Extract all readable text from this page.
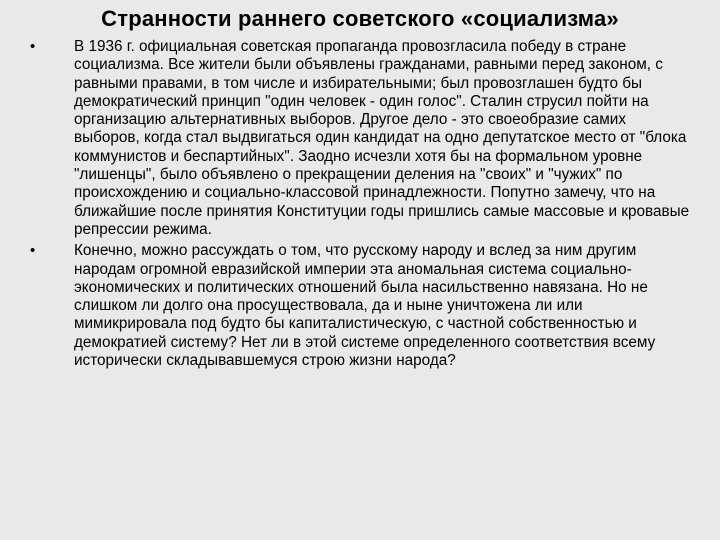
Странности раннего советского «социализма»
•	В 1936 г. официальная советская пропаганда провозгласила победу в стране социализма. Все жители были объявлены гражданами, равными перед законом, с равными правами, в том числе и избирательными; был провозглашен будто бы демократический принцип "один человек - один голос". Сталин струсил пойти на организацию альтернативных выборов. Другое дело - это своеобразие самих выборов, когда стал выдвигаться один кандидат на одно депутатское место от "блока коммунистов и беспартийных". Заодно исчезли хотя бы на формальном уровне "лишенцы", было объявлено о прекращении деления на "своих" и "чужих" по происхождению и социально-классовой принадлежности. Попутно замечу, что на ближайшие после принятия Конституции годы пришлись самые массовые и кровавые репрессии режима.
•	Конечно, можно рассуждать о том, что русскому народу и вслед за ним другим народам огромной евразийской империи эта аномальная система социально-экономических и политических отношений была насильственно навязана. Но не слишком ли долго она просуществовала, да и ныне уничтожена ли или мимикрировала под будто бы капиталистическую, с частной собственностью и демократией систему? Нет ли в этой системе определенного соответствия всему исторически складывавшемуся строю жизни народа?
